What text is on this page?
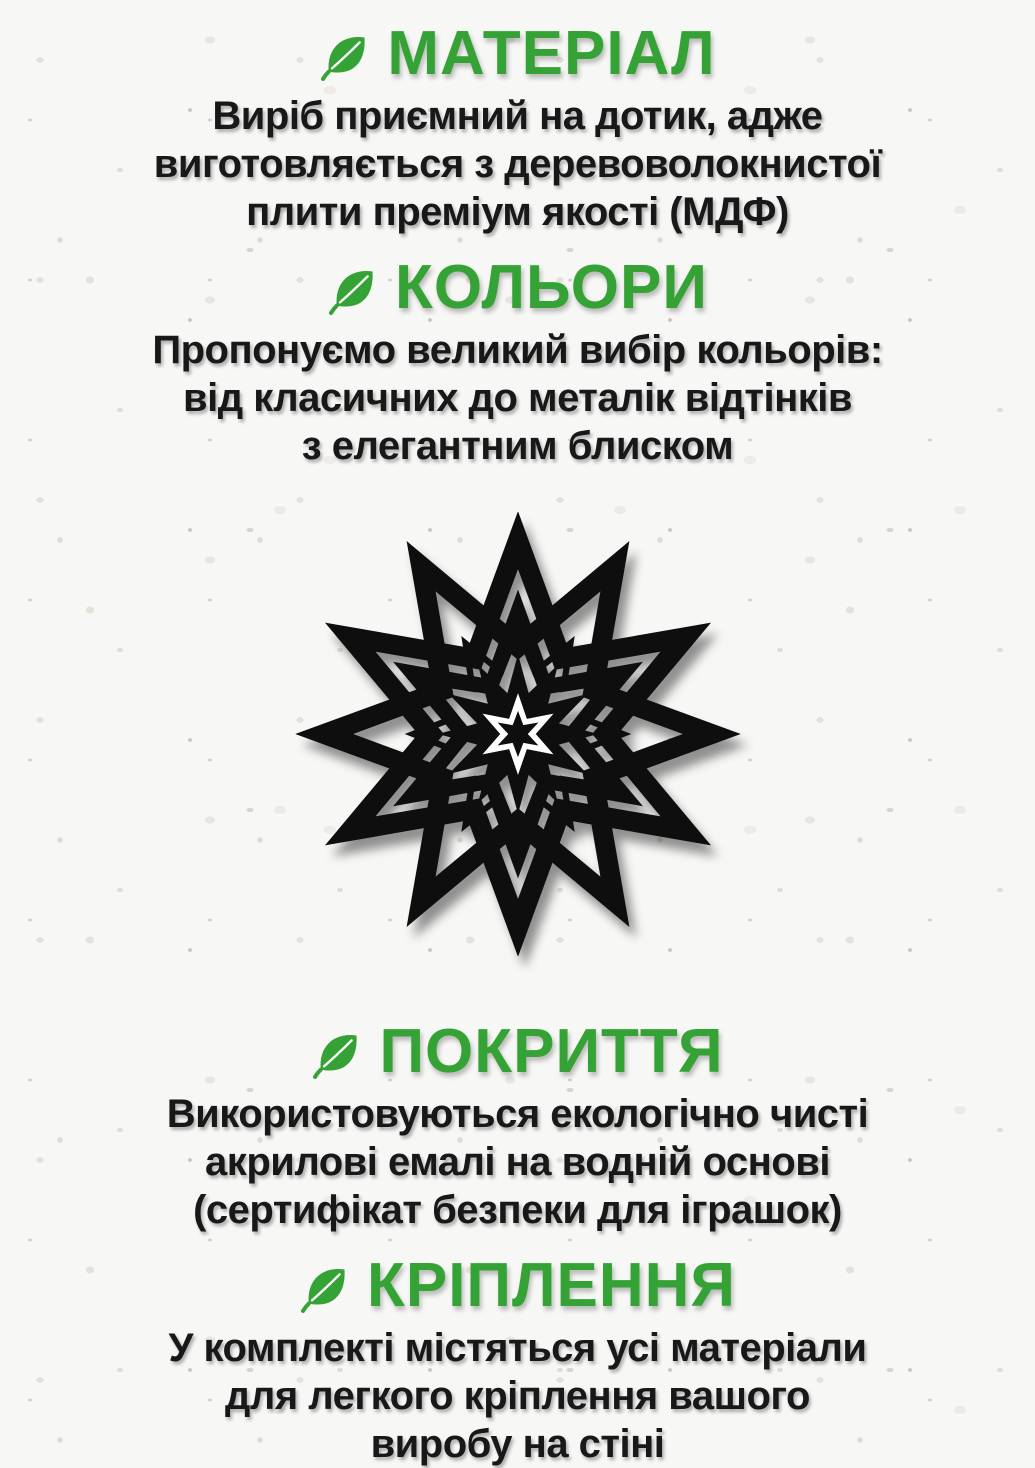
МАТЕРІАЛ
Виріб приємний на дотик, адже
виготовляється з деревоволокнистої
плити преміум якості (МДФ)
КОЛЬОРИ
Пропонуємо великий вибір кольорів:
від класичних до металік відтінків
з елегантним блиском
ПОКРИТТЯ
Використовуються екологічно чисті
акрилові емалі на водній основі
(сертифікат безпеки для іграшок)
КРІПЛЕННЯ
У комплекті містяться усі матеріали
для легкого кріплення вашого
виробу на стіні
